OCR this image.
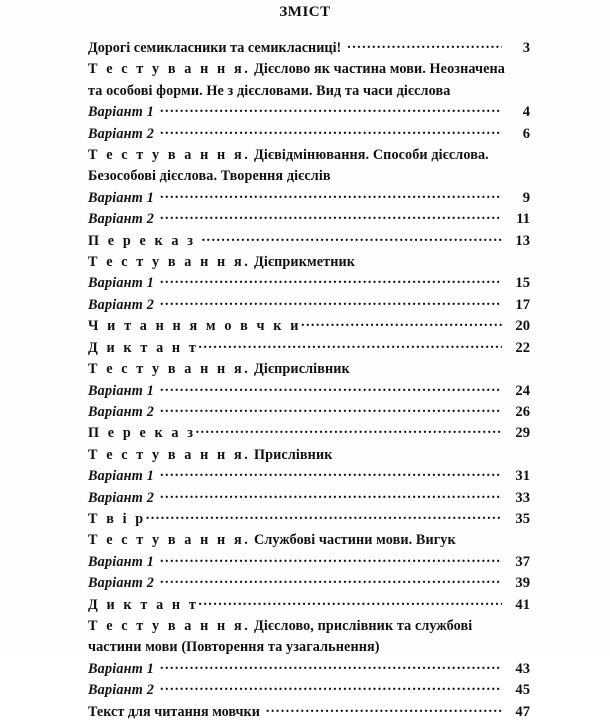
ЗМІСТ
Дорогі семикласники та семикласниці! .....	3
Т е с т у в а н н я. Дієслово як частина мови. Неозначена та особові форми. Не з дієсловами. Вид та часи дієслова
Варіант 1 .....	4
Варіант 2 .....	6
Т е с т у в а н н я. Дієвідмінювання. Способи дієслова. Безособові дієслова. Творення дієслів
Варіант 1 .....	9
Варіант 2 .....	11
П е р е к а з .....	13
Т е с т у в а н н я. Дієприкметник
Варіант 1 .....	15
Варіант 2 .....	17
Ч и т а н н я м о в ч к и .....	20
Д и к т а н т .....	22
Т е с т у в а н н я. Дієприслівник
Варіант 1 .....	24
Варіант 2 .....	26
П е р е к а з .....	29
Т е с т у в а н н я. Прислівник
Варіант 1 .....	31
Варіант 2 .....	33
Т в і р .....	35
Т е с т у в а н н я. Службові частини мови. Вигук
Варіант 1 .....	37
Варіант 2 .....	39
Д и к т а н т .....	41
Т е с т у в а н н я. Дієслово, прислівник та службові частини мови (Повторення та узагальнення)
Варіант 1 .....	43
Варіант 2 .....	45
Текст для читання мовчки .....	47
